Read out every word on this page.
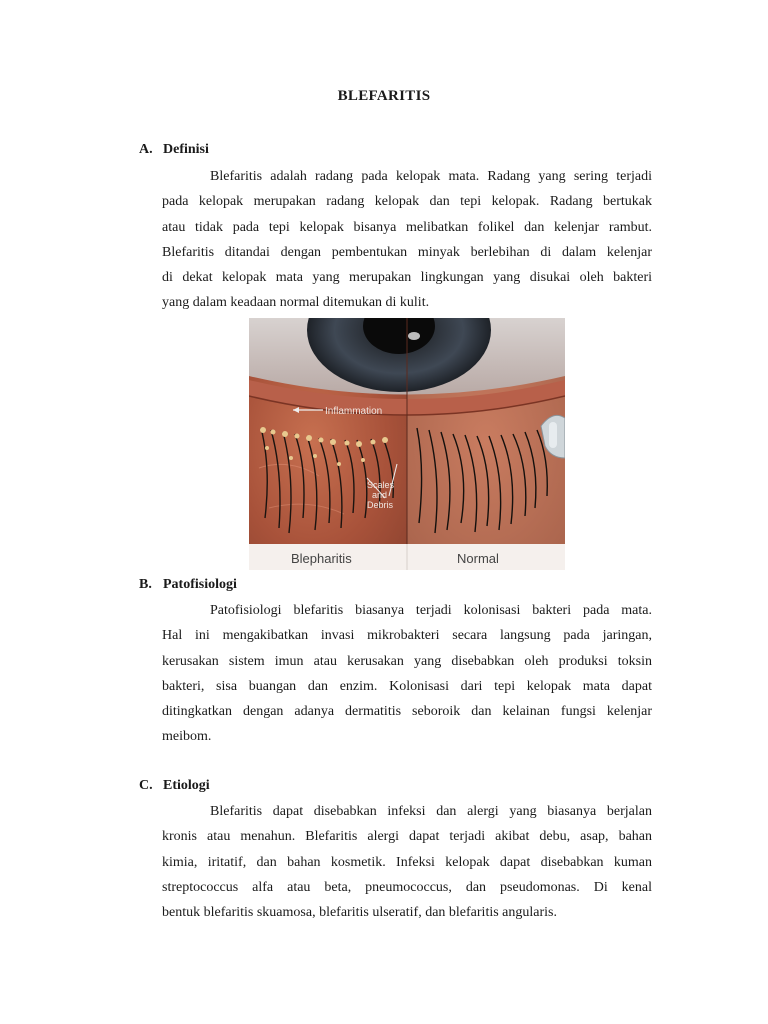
BLEFARITIS
A. Definisi
Blefaritis adalah radang pada kelopak mata. Radang yang sering terjadi
pada kelopak merupakan radang kelopak dan tepi kelopak. Radang bertukak
atau tidak pada tepi kelopak bisanya melibatkan folikel dan kelenjar rambut.
Blefaritis ditandai dengan pembentukan minyak berlebihan di dalam kelenjar
di dekat kelopak mata yang merupakan lingkungan yang disukai oleh bakteri
yang dalam keadaan normal ditemukan di kulit.
Inflammation
Scales
and
Debris
Blepharitis	Normal
B. Patofisiologi
Patofisiologi blefaritis biasanya terjadi kolonisasi bakteri pada mata.
Hal ini mengakibatkan invasi mikrobakteri secara langsung pada jaringan,
kerusakan sistem imun atau kerusakan yang disebabkan oleh produksi toksin
bakteri, sisa buangan dan enzim. Kolonisasi dari tepi kelopak mata dapat
ditingkatkan dengan adanya dermatitis seboroik dan kelainan fungsi kelenjar
meibom.
C. Etiologi
Blefaritis dapat disebabkan infeksi dan alergi yang biasanya berjalan
kronis atau menahun. Blefaritis alergi dapat terjadi akibat debu, asap, bahan
kimia, iritatif, dan bahan kosmetik. Infeksi kelopak dapat disebabkan kuman
streptococcus alfa atau beta, pneumococcus, dan pseudomonas. Di kenal
bentuk blefaritis skuamosa, blefaritis ulseratif, dan blefaritis angularis.
